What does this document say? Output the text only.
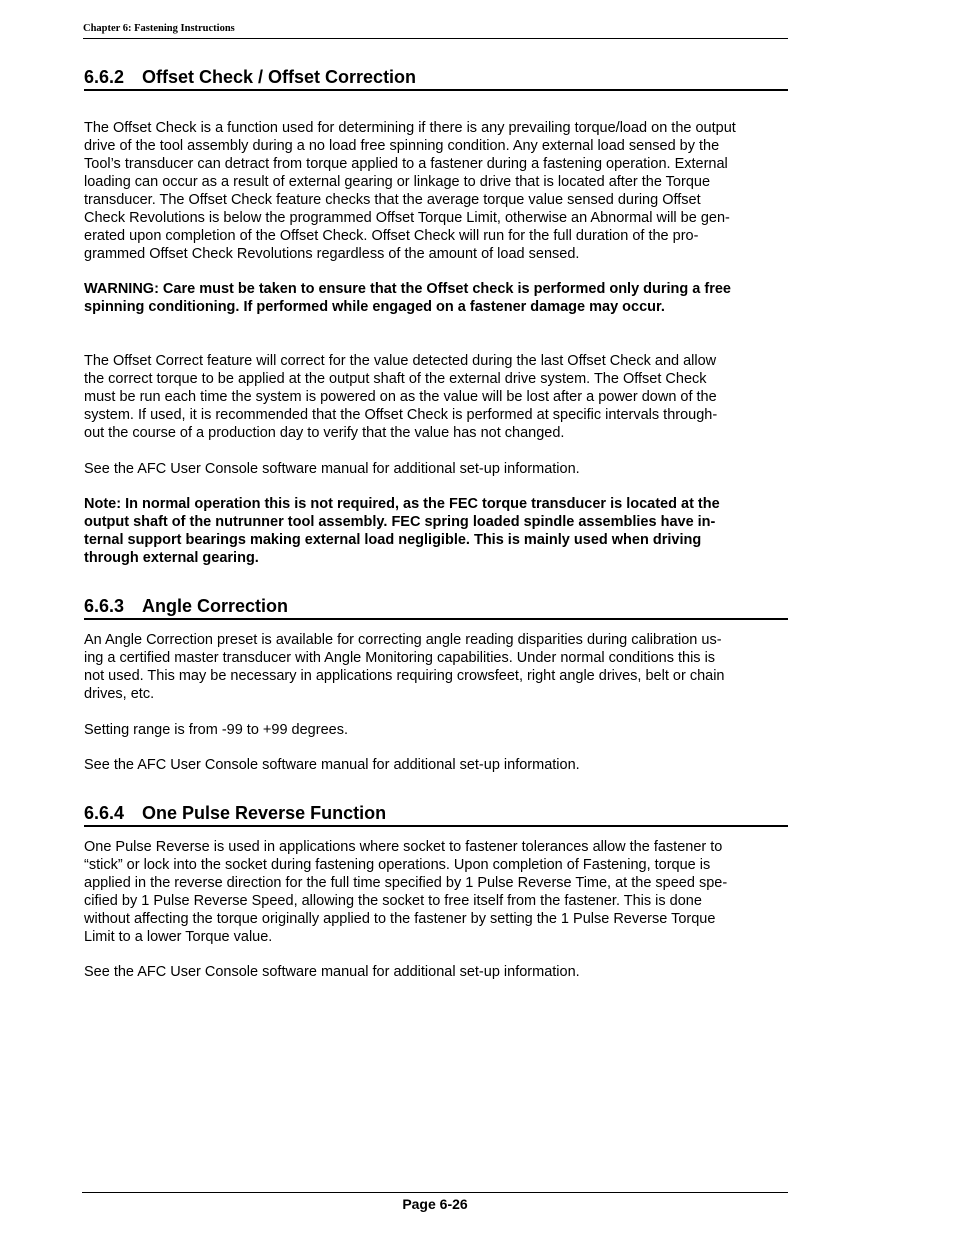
Chapter 6: Fastening Instructions
6.6.2 Offset Check / Offset Correction

The Offset Check is a function used for determining if there is any prevailing torque/load on the output
drive of the tool assembly during a no load free spinning condition. Any external load sensed by the
Tool’s transducer can detract from torque applied to a fastener during a fastening operation. External
loading can occur as a result of external gearing or linkage to drive that is located after the Torque
transducer. The Offset Check feature checks that the average torque value sensed during Offset
Check Revolutions is below the programmed Offset Torque Limit, otherwise an Abnormal will be gen-
erated upon completion of the Offset Check. Offset Check will run for the full duration of the pro-
grammed Offset Check Revolutions regardless of the amount of load sensed.

WARNING: Care must be taken to ensure that the Offset check is performed only during a free
spinning conditioning. If performed while engaged on a fastener damage may occur.

The Offset Correct feature will correct for the value detected during the last Offset Check and allow
the correct torque to be applied at the output shaft of the external drive system. The Offset Check
must be run each time the system is powered on as the value will be lost after a power down of the
system. If used, it is recommended that the Offset Check is performed at specific intervals through-
out the course of a production day to verify that the value has not changed.

See the AFC User Console software manual for additional set-up information.

Note: In normal operation this is not required, as the FEC torque transducer is located at the
output shaft of the nutrunner tool assembly. FEC spring loaded spindle assemblies have in-
ternal support bearings making external load negligible. This is mainly used when driving
through external gearing.

6.6.3 Angle Correction

An Angle Correction preset is available for correcting angle reading disparities during calibration us-
ing a certified master transducer with Angle Monitoring capabilities. Under normal conditions this is
not used. This may be necessary in applications requiring crowsfeet, right angle drives, belt or chain
drives, etc.

Setting range is from -99 to +99 degrees.

See the AFC User Console software manual for additional set-up information.

6.6.4 One Pulse Reverse Function

One Pulse Reverse is used in applications where socket to fastener tolerances allow the fastener to
“stick” or lock into the socket during fastening operations. Upon completion of Fastening, torque is
applied in the reverse direction for the full time specified by 1 Pulse Reverse Time, at the speed spe-
cified by 1 Pulse Reverse Speed, allowing the socket to free itself from the fastener. This is done
without affecting the torque originally applied to the fastener by setting the 1 Pulse Reverse Torque
Limit to a lower Torque value.

See the AFC User Console software manual for additional set-up information.

Page 6-26
